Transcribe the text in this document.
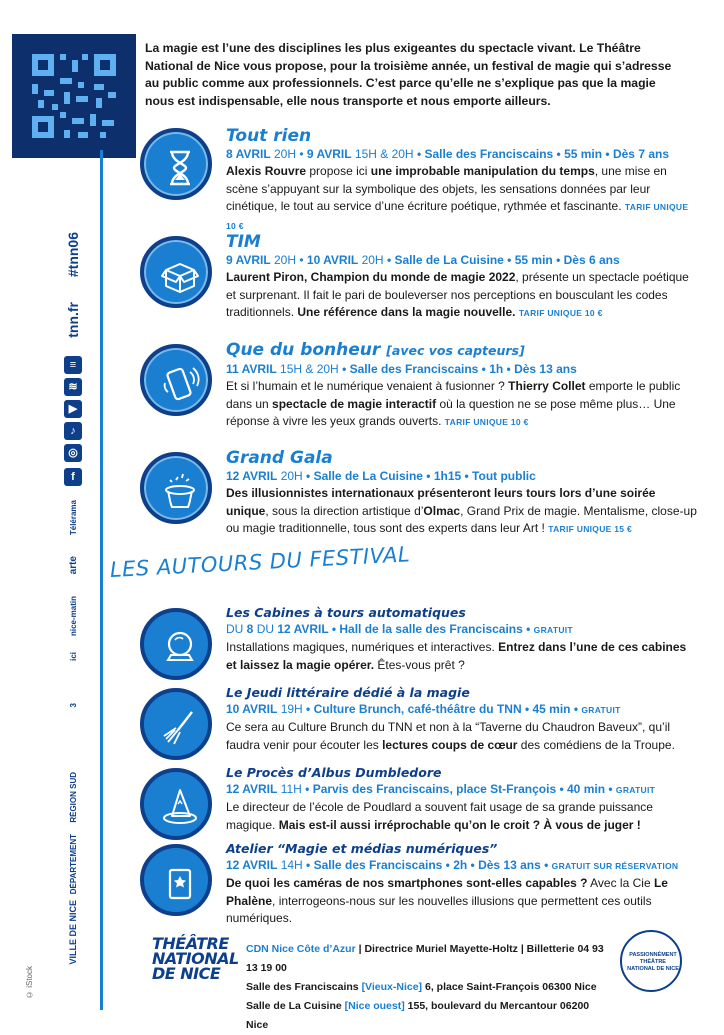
#tnn06
tnn.fr
≡
≋
▶
♪
◎
f
Télérama
arte
nice-matin
ici
3
RÉGION SUD
DÉPARTEMENT
VILLE DE NICE
© iStock

La magie est l’une des disciplines les plus exigeantes du spectacle vivant. Le Théâtre National de Nice vous propose, pour la troisième année, un festival de magie qui s’adresse au public comme aux professionnels. C’est parce qu’elle ne s’explique pas que la magie nous est indispensable, elle nous transporte et nous emporte ailleurs.

Tout rien
8 AVRIL 20H • 9 AVRIL 15H & 20H • Salle des Franciscains • 55 min • Dès 7 ans

Alexis Rouvre propose ici une improbable manipulation du temps, une mise en scène s’appuyant sur la symbolique des objets, les sensations données par leur cinétique, le tout au service d’une écriture poétique, rythmée et fascinante. TARIF UNIQUE 10 €

TIM
9 AVRIL 20H • 10 AVRIL 20H • Salle de La Cuisine • 55 min • Dès 6 ans

Laurent Piron, Champion du monde de magie 2022, présente un spectacle poétique et surprenant. Il fait le pari de bouleverser nos perceptions en bousculant les codes traditionnels. Une référence dans la magie nouvelle. TARIF UNIQUE 10 €

Que du bonheur [avec vos capteurs]
11 AVRIL 15H & 20H • Salle des Franciscains • 1h • Dès 13 ans

Et si l’humain et le numérique venaient à fusionner ? Thierry Collet emporte le public dans un spectacle de magie interactif où la question ne se pose même plus… Une réponse à vivre les yeux grands ouverts. TARIF UNIQUE 10 €

Grand Gala
12 AVRIL 20H • Salle de La Cuisine • 1h15 • Tout public

Des illusionnistes internationaux présenteront leurs tours lors d’une soirée unique, sous la direction artistique d’Olmac, Grand Prix de magie. Mentalisme, close-up ou magie traditionnelle, tous sont des experts dans leur Art ! TARIF UNIQUE 15 €

LES AUTOURS DU FESTIVAL
Les Cabines à tours automatiques
DU 8 DU 12 AVRIL • Hall de la salle des Franciscains • GRATUIT

Installations magiques, numériques et interactives. Entrez dans l’une de ces cabines et laissez la magie opérer. Êtes-vous prêt ?

Le Jeudi littéraire dédié à la magie
10 AVRIL 19H • Culture Brunch, café-théâtre du TNN • 45 min • GRATUIT

Ce sera au Culture Brunch du TNN et non à la “Taverne du Chaudron Baveux”, qu’il faudra venir pour écouter les lectures coups de cœur des comédiens de la Troupe.

Le Procès d’Albus Dumbledore
12 AVRIL 11H • Parvis des Franciscains, place St-François • 40 min • GRATUIT

Le directeur de l’école de Poudlard a souvent fait usage de sa grande puissance magique. Mais est-il aussi irréprochable qu’on le croit ? À vous de juger !

Atelier “Magie et médias numériques”
12 AVRIL 14H • Salle des Franciscains • 2h • Dès 13 ans • GRATUIT SUR RÉSERVATION

De quoi les caméras de nos smartphones sont-elles capables ? Avec la Cie Le Phalène, interrogeons-nous sur les nouvelles illusions que permettent ces outils numériques.

THÉÂTRE
NATIONAL
DE NICE
CDN Nice Côte d’Azur | Directrice Muriel Mayette-Holtz | Billetterie 04 93 13 19 00
Salle des Franciscains [Vieux-Nice] 6, place Saint-François 06300 Nice
Salle de La Cuisine [Nice ouest] 155, boulevard du Mercantour 06200 Nice
PASSIONNÉMENT THÉÂTRE NATIONAL DE NICE
